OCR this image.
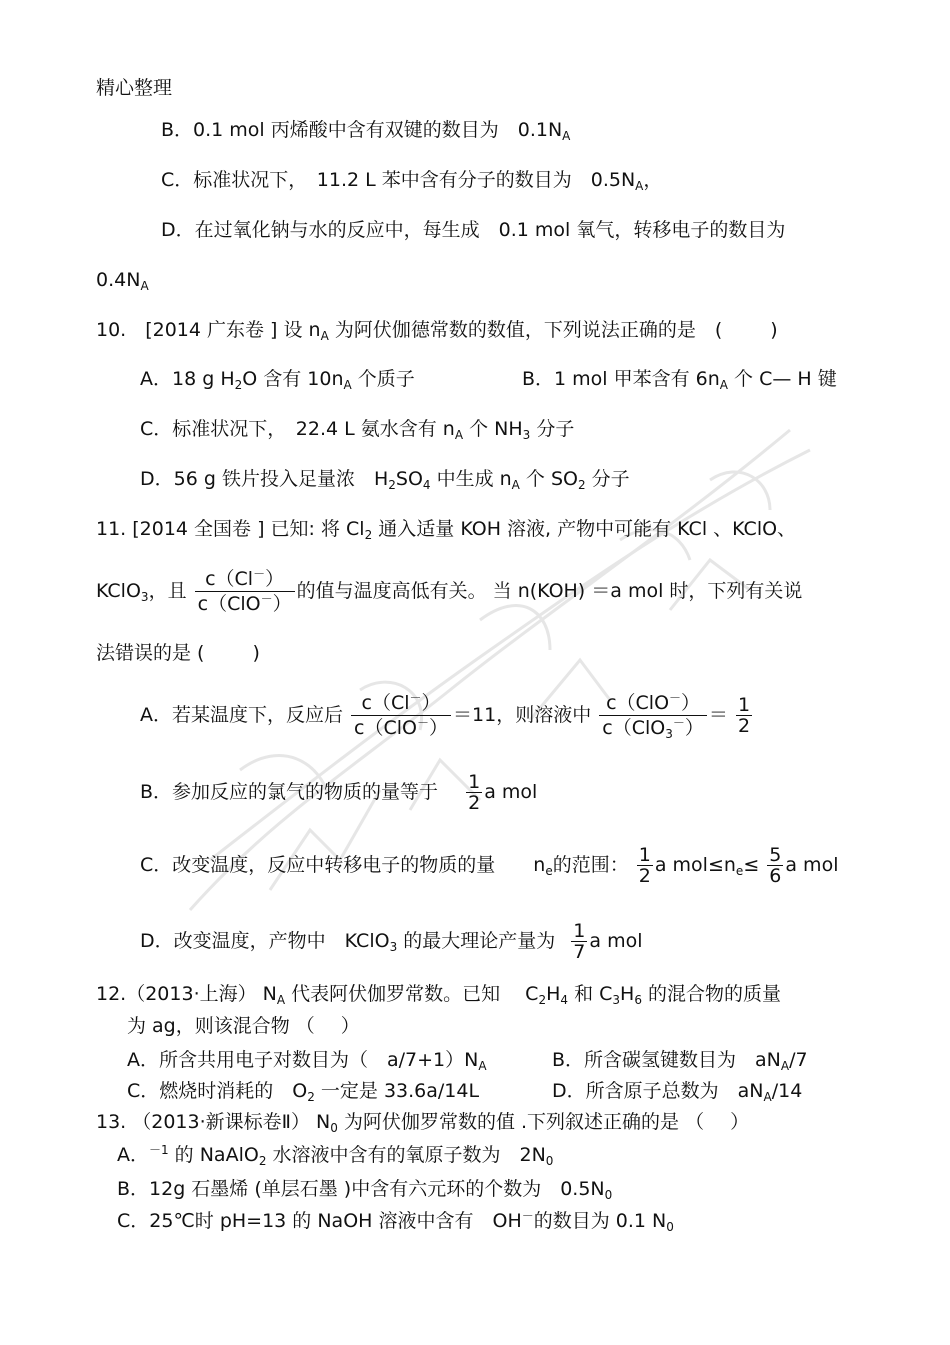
精心整理
B．0.1 mol 丙烯酸中含有双键的数目为　$0.1N_A$
C．标准状况下，　11.2 L 苯中含有分子的数目为　$0.5N_A$，
D．在过氧化钠与水的反应中，每生成　0.1 mol 氧气，转移电子的数目为
$0.4N_A$
10.　[2014 广东卷 ] 设 $n_A$ 为阿伏伽德常数的数值，下列说法正确的是　(	)
A．18 g $H_2O$ 含有 $10n_A$ 个质子	B．1 mol 甲苯含有 $6n_A$ 个 C— H 键
C．标准状况下，　22.4 L 氨水含有 $n_A$ 个 $NH_3$ 分子
D．56 g 铁片投入足量浓　$H_2SO_4$ 中生成 $n_A$ 个 $SO_2$ 分子
11. [2014 全国卷 ] 已知: 将 $Cl_2$ 通入适量 KOH 溶液, 产物中可能有 KCl 、KClO、
KClO$_3$，且 $\frac{c(Cl^-)}{c(ClO^-)}$ 的值与温度高低有关。 当 n(KOH) ＝a mol 时，下列有关说
法错误的是 (	)
A．若某温度下，反应后 $\frac{c(Cl^-)}{c(ClO^-)} =11$，则溶液中 $\frac{c(ClO^-)}{c(ClO_3^-)} = \frac{1}{2}$
B．参加反应的氯气的物质的量等于 $\frac{1}{2}$ a mol
C．改变温度，反应中转移电子的物质的量　　$n_e$的范围： $\frac{1}{2}$ a $mol\le n_e\le \frac{5}{6}$ a mol
D．改变温度，产物中　KClO$_3$ 的最大理论产量为 $\frac{1}{7}$ a mol
12.（2013·上海） $N_A$ 代表阿伏伽罗常数。已知　 $C_2H_4$ 和 $C_3H_6$ 的混合物的质量
为 ag，则该混合物 （ ）
A．所含共用电子对数目为（　$a/7+1)N_A$	B．所含碳氢键数目为　$aN_A/7$
C．燃烧时消耗的　$O_2$ 一定是 33.6a/14L	D．所含原子总数为　$aN_A/14$
13. （2013·新课标卷Ⅱ） $N_0$ 为阿伏伽罗常数的值 .下列叙述正确的是 （ ）
A．$^{-1}$ 的 NaAlO$_2$ 水溶液中含有的氧原子数为　$2N_0$
B．12g 石墨烯 (单层石墨 )中含有六元环的个数为　$0.5N_0$
C．25℃时 pH=13 的 NaOH 溶液中含有　OH－的数目为 0.1 $N_0$
